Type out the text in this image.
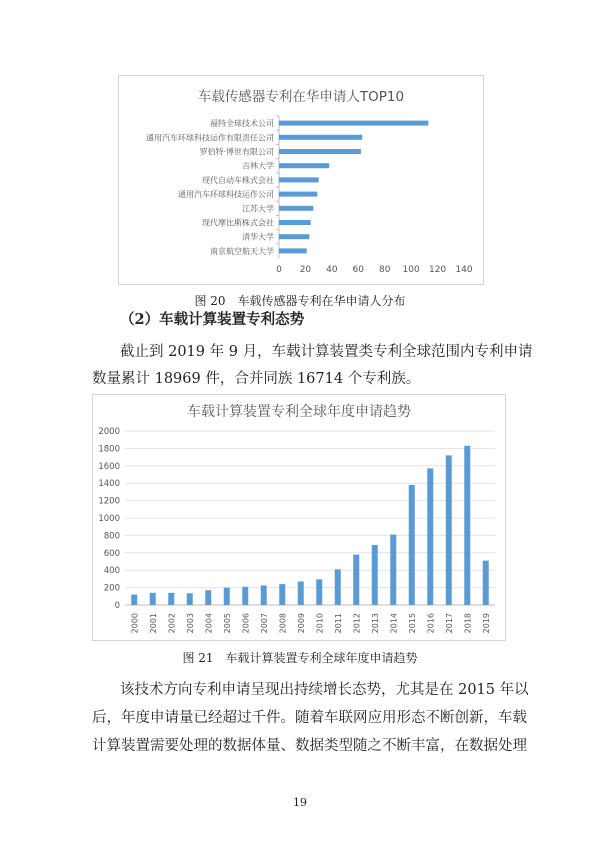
车载传感器专利在华申请人TOP10
福特全球技术公司
通用汽车环球科技运作有限责任公司
罗伯特·博世有限公司
吉林大学
现代自动车株式会社
通用汽车环球科技运作公司
江苏大学
现代摩比斯株式会社
清华大学
南京航空航天大学
0 20 40 60 80 100 120 140
图 20　车载传感器专利在华申请人分布
（2）车载计算装置专利态势
截止到 2019 年 9 月，车载计算装置类专利全球范围内专利申请
数量累计 18969 件，合并同族 16714 个专利族。
车载计算装置专利全球年度申请趋势
0
200
400
600
800
1000
1200
1400
1600
1800
2000
2000 2001 2002 2003 2004 2005 2006 2007 2008 2009 2010 2011 2012 2013 2014 2015 2016 2017 2018 2019
图 21　车载计算装置专利全球年度申请趋势
该技术方向专利申请呈现出持续增长态势，尤其是在 2015 年以
后，年度申请量已经超过千件。随着车联网应用形态不断创新，车载
计算装置需要处理的数据体量、数据类型随之不断丰富，在数据处理
19
